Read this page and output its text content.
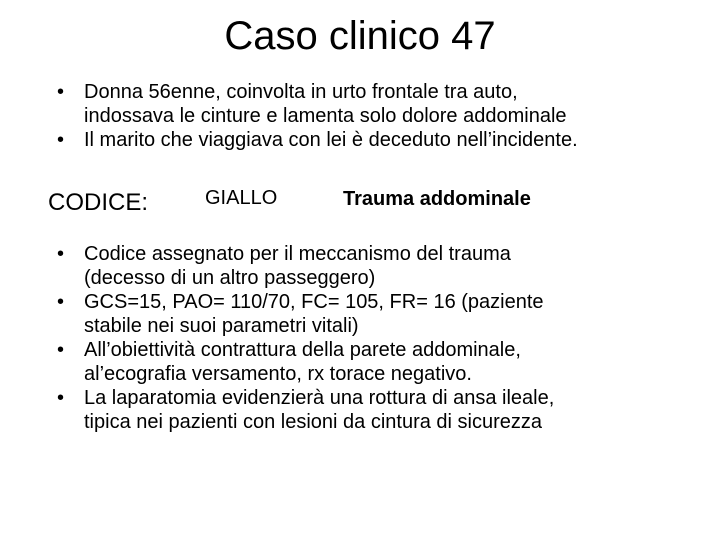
Caso clinico 47
• Donna 56enne, coinvolta in urto frontale tra auto,
indossava le cinture e lamenta solo dolore addominale
• Il marito che viaggiava con lei è deceduto nell’incidente.
CODICE:	GIALLO	Trauma addominale
• Codice assegnato per il meccanismo del trauma
(decesso di un altro passeggero)
• GCS=15, PAO= 110/70, FC= 105, FR= 16 (paziente
stabile nei suoi parametri vitali)
• All’obiettività contrattura della parete addominale,
al’ecografia versamento, rx torace negativo.
• La laparatomia evidenzierà una rottura di ansa ileale,
tipica nei pazienti con lesioni da cintura di sicurezza
